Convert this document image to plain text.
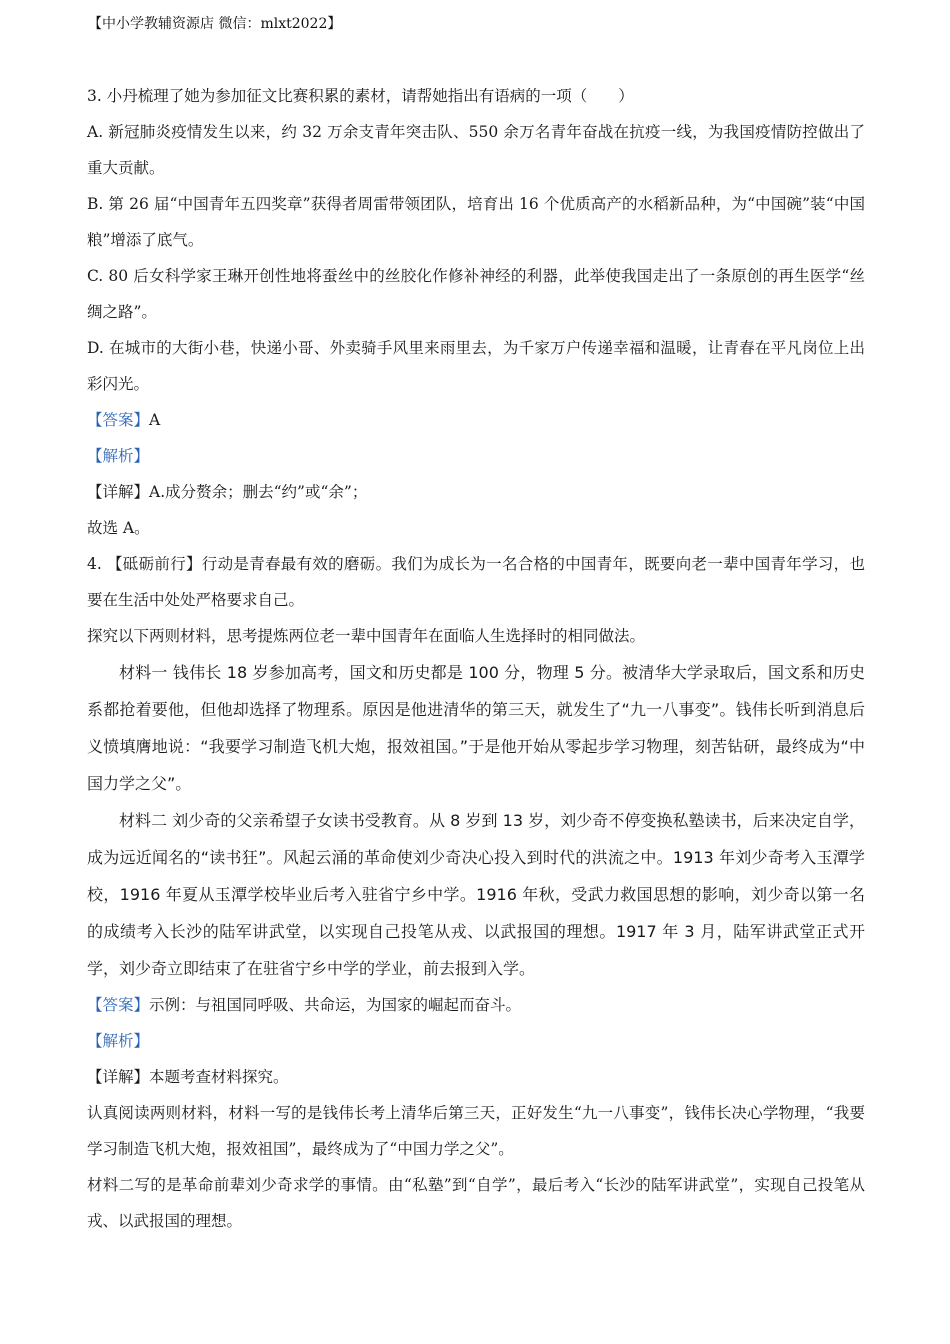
【中小学教辅资源店 微信：mlxt2022】

3. 小丹梳理了她为参加征文比赛积累的素材，请帮她指出有语病的一项（　　）

A. 新冠肺炎疫情发生以来，约 32 万余支青年突击队、550 余万名青年奋战在抗疫一线，为我国疫情防控做出了重大贡献。

B. 第 26 届“中国青年五四奖章”获得者周雷带领团队，培育出 16 个优质高产的水稻新品种，为“中国碗”装“中国粮”增添了底气。

C. 80 后女科学家王琳开创性地将蚕丝中的丝胶化作修补神经的利器，此举使我国走出了一条原创的再生医学“丝绸之路”。

D. 在城市的大街小巷，快递小哥、外卖骑手风里来雨里去，为千家万户传递幸福和温暖，让青春在平凡岗位上出彩闪光。

【答案】A

【解析】

【详解】A.成分赘余；删去“约”或“余”；

故选 A。

4. 【砥砺前行】行动是青春最有效的磨砺。我们为成长为一名合格的中国青年，既要向老一辈中国青年学习，也要在生活中处处严格要求自己。

探究以下两则材料，思考提炼两位老一辈中国青年在面临人生选择时的相同做法。

材料一 钱伟长 18 岁参加高考，国文和历史都是 100 分，物理 5 分。被清华大学录取后，国文系和历史系都抢着要他，但他却选择了物理系。原因是他进清华的第三天，就发生了“九一八事变”。钱伟长听到消息后义愤填膺地说：“我要学习制造飞机大炮，报效祖国。”于是他开始从零起步学习物理，刻苦钻研，最终成为“中国力学之父”。

材料二 刘少奇的父亲希望子女读书受教育。从 8 岁到 13 岁，刘少奇不停变换私塾读书，后来决定自学，成为远近闻名的“读书狂”。风起云涌的革命使刘少奇决心投入到时代的洪流之中。1913 年刘少奇考入玉潭学校，1916 年夏从玉潭学校毕业后考入驻省宁乡中学。1916 年秋，受武力救国思想的影响，刘少奇以第一名的成绩考入长沙的陆军讲武堂，以实现自己投笔从戎、以武报国的理想。1917 年 3 月，陆军讲武堂正式开学，刘少奇立即结束了在驻省宁乡中学的学业，前去报到入学。

【答案】示例：与祖国同呼吸、共命运，为国家的崛起而奋斗。

【解析】

【详解】本题考查材料探究。

认真阅读两则材料，材料一写的是钱伟长考上清华后第三天，正好发生“九一八事变”，钱伟长决心学物理，“我要学习制造飞机大炮，报效祖国”，最终成为了“中国力学之父”。

材料二写的是革命前辈刘少奇求学的事情。由“私塾”到“自学”，最后考入“长沙的陆军讲武堂”，实现自己投笔从戎、以武报国的理想。
